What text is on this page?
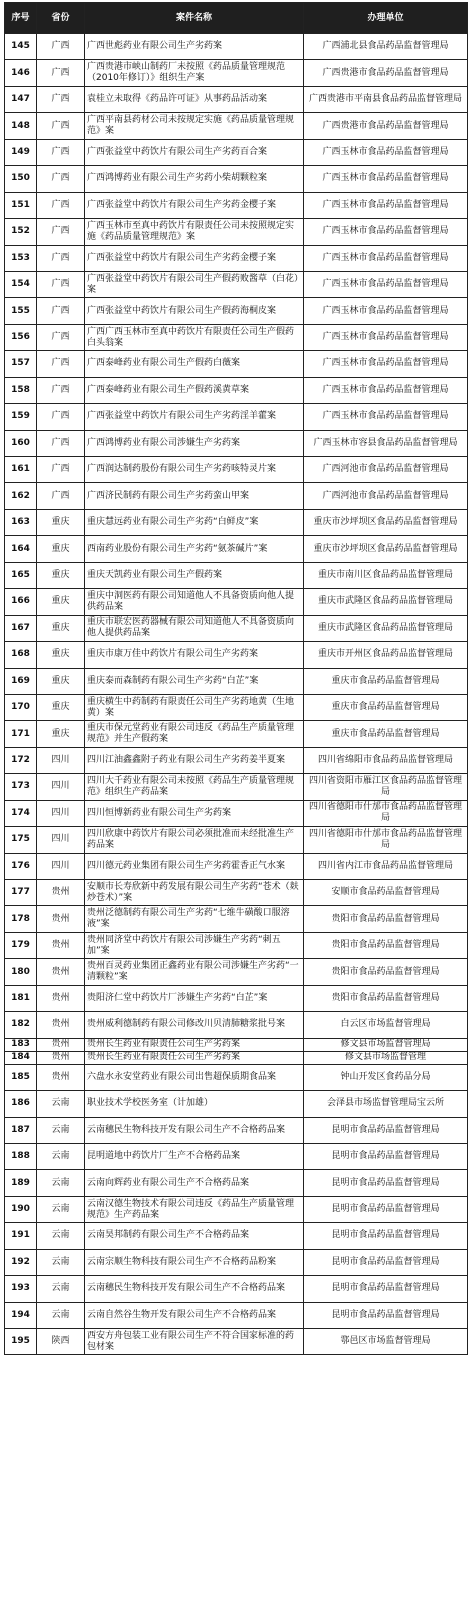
序号	省份	案件名称	办理单位
145	广西	广西世彪药业有限公司生产劣药案	广西浦北县食品药品监督管理局
146	广西	广西贵港市峡山制药厂未按照《药品质量管理规范（2010年修订）》组织生产案	广西贵港市食品药品监督管理局
147	广西	袁桂立未取得《药品许可证》从事药品活动案	广西贵港市平南县食品药品监督管理局
148	广西	广西平南县药材公司未按规定实施《药品质量管理规范》案	广西贵港市食品药品监督管理局
149	广西	广西张益堂中药饮片有限公司生产劣药百合案	广西玉林市食品药品监督管理局
150	广西	广西鸿博药业有限公司生产劣药小柴胡颗粒案	广西玉林市食品药品监督管理局
151	广西	广西张益堂中药饮片有限公司生产劣药金樱子案	广西玉林市食品药品监督管理局
152	广西	广西玉林市至真中药饮片有限责任公司未按照规定实施《药品质量管理规范》案	广西玉林市食品药品监督管理局
153	广西	广西张益堂中药饮片有限公司生产劣药金樱子案	广西玉林市食品药品监督管理局
154	广西	广西张益堂中药饮片有限公司生产假药败酱草（白花）案	广西玉林市食品药品监督管理局
155	广西	广西张益堂中药饮片有限公司生产假药海桐皮案	广西玉林市食品药品监督管理局
156	广西	广西广西玉林市至真中药饮片有限责任公司生产假药白头翁案	广西玉林市食品药品监督管理局
157	广西	广西泰峰药业有限公司生产假药白薇案	广西玉林市食品药品监督管理局
158	广西	广西泰峰药业有限公司生产假药溪黄草案	广西玉林市食品药品监督管理局
159	广西	广西张益堂中药饮片有限公司生产劣药淫羊藿案	广西玉林市食品药品监督管理局
160	广西	广西鸿博药业有限公司涉嫌生产劣药案	广西玉林市容县食品药品监督管理局
161	广西	广西润达制药股份有限公司生产劣药咳特灵片案	广西河池市食品药品监督管理局
162	广西	广西济民制药有限公司生产劣药蛮山甲案	广西河池市食品药品监督管理局
163	重庆	重庆慧远药业有限公司生产劣药“白鲜皮”案	重庆市沙坪坝区食品药品监督管理局
164	重庆	西南药业股份有限公司生产劣药“氨茶碱片”案	重庆市沙坪坝区食品药品监督管理局
165	重庆	重庆天凯药业有限公司生产假药案	重庆市南川区食品药品监督管理局
166	重庆	重庆中洞医药有限公司知道他人不具备资质向他人提供药品案	重庆市武隆区食品药品监督管理局
167	重庆	重庆市联宏医药器械有限公司知道他人不具备资质向他人提供药品案	重庆市武隆区食品药品监督管理局
168	重庆	重庆市康万佳中药饮片有限公司生产劣药案	重庆市开州区食品药品监督管理局
169	重庆	重庆泰而森制药有限公司生产劣药“白芷”案	重庆市食品药品监督管理局
170	重庆	重庆横生中药制药有限责任公司生产劣药地黄（生地黄）案	重庆市食品药品监督管理局
171	重庆	重庆市保元堂药业有限公司违反《药品生产质量管理规范》并生产假药案	重庆市食品药品监督管理局
172	四川	四川江油鑫鑫附子药业有限公司生产劣药姜半夏案	四川省绵阳市食品药品监督管理局
173	四川	四川大千药业有限公司未按照《药品生产质量管理规范》组织生产药品案	四川省资阳市雁江区食品药品监督管理局
174	四川	四川恒博新药业有限公司生产劣药案	四川省德阳市什邡市食品药品监督管理局
175	四川	四川欣康中药饮片有限公司必须批准而未经批准生产药品案	四川省德阳市什邡市食品药品监督管理局
176	四川	四川德元药业集团有限公司生产劣药霍香正气水案	四川省内江市食品药品监督管理局
177	贵州	安顺市长寿欣新中药发展有限公司生产劣药“苍术（麸炒苍术）”案	安顺市食品药品监督管理局
178	贵州	贵州泛德制药有限公司生产劣药“七维牛磺酸口服溶液”案	贵阳市食品药品监督管理局
179	贵州	贵州同济堂中药饮片有限公司涉嫌生产劣药“刺五加”案	贵阳市食品药品监督管理局
180	贵州	贵州百灵药业集团正鑫药业有限公司涉嫌生产劣药“一清颗粒”案	贵阳市食品药品监督管理局
181	贵州	贵阳济仁堂中药饮片厂涉嫌生产劣药“白芷”案	贵阳市食品药品监督管理局
182	贵州	贵州威利德制药有限公司修改川贝清肺糖浆批号案	白云区市场监督管理局
183	贵州	贵州长生药业有限责任公司生产劣药案	修文县市场监督管理局
184	贵州	贵州长生药业有限责任公司生产劣药案	修文县市场监督管理
185	贵州	六盘水永安堂药业有限公司出售超保质期食品案	钟山开发区食药品分局
186	云南	职业技术学校医务室（计加雄）	会泽县市场监督管理局宝云所
187	云南	云南穗民生物科技开发有限公司生产不合格药品案	昆明市食品药品监督管理局
188	云南	昆明道地中药饮片厂生产不合格药品案	昆明市食品药品监督管理局
189	云南	云南向辉药业有限公司生产不合格药品案	昆明市食品药品监督管理局
190	云南	云南汉德生物技术有限公司违反《药品生产质量管理规范》生产药品案	昆明市食品药品监督管理局
191	云南	云南昊邦制药有限公司生产不合格药品案	昆明市食品药品监督管理局
192	云南	云南宗顺生物科技有限公司生产不合格药品粉案	昆明市食品药品监督管理局
193	云南	云南穗民生物科技开发有限公司生产不合格药品案	昆明市食品药品监督管理局
194	云南	云南自然谷生物开发有限公司生产不合格药品案	昆明市食品药品监督管理局
195	陕西	西安方舟包装工业有限公司生产不符合国家标准的药包材案	鄠邑区市场监督管理局
